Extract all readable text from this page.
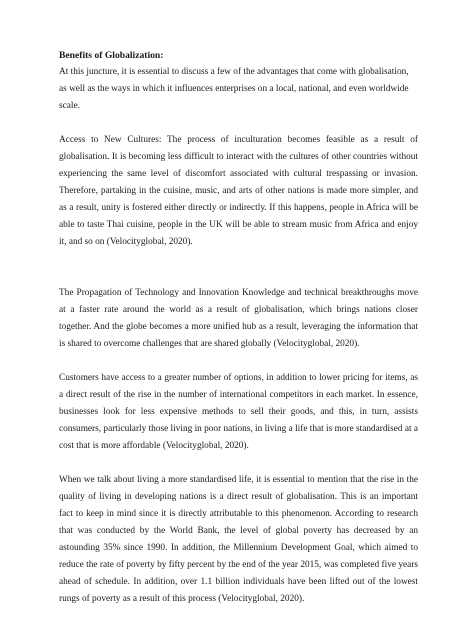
Benefits of Globalization:

At this juncture, it is essential to discuss a few of the advantages that come with globalisation, as well as the ways in which it influences enterprises on a local, national, and even worldwide scale.

Access to New Cultures: The process of inculturation becomes feasible as a result of globalisation. It is becoming less difficult to interact with the cultures of other countries without experiencing the same level of discomfort associated with cultural trespassing or invasion. Therefore, partaking in the cuisine, music, and arts of other nations is made more simpler, and as a result, unity is fostered either directly or indirectly. If this happens, people in Africa will be able to taste Thai cuisine, people in the UK will be able to stream music from Africa and enjoy it, and so on (Velocityglobal, 2020).

The Propagation of Technology and Innovation Knowledge and technical breakthroughs move at a faster rate around the world as a result of globalisation, which brings nations closer together. And the globe becomes a more unified hub as a result, leveraging the information that is shared to overcome challenges that are shared globally (Velocityglobal, 2020).

Customers have access to a greater number of options, in addition to lower pricing for items, as a direct result of the rise in the number of international competitors in each market. In essence, businesses look for less expensive methods to sell their goods, and this, in turn, assists consumers, particularly those living in poor nations, in living a life that is more standardised at a cost that is more affordable (Velocityglobal, 2020).

When we talk about living a more standardised life, it is essential to mention that the rise in the quality of living in developing nations is a direct result of globalisation. This is an important fact to keep in mind since it is directly attributable to this phenomenon. According to research that was conducted by the World Bank, the level of global poverty has decreased by an astounding 35% since 1990. In addition, the Millennium Development Goal, which aimed to reduce the rate of poverty by fifty percent by the end of the year 2015, was completed five years ahead of schedule. In addition, over 1.1 billion individuals have been lifted out of the lowest rungs of poverty as a result of this process (Velocityglobal, 2020).
